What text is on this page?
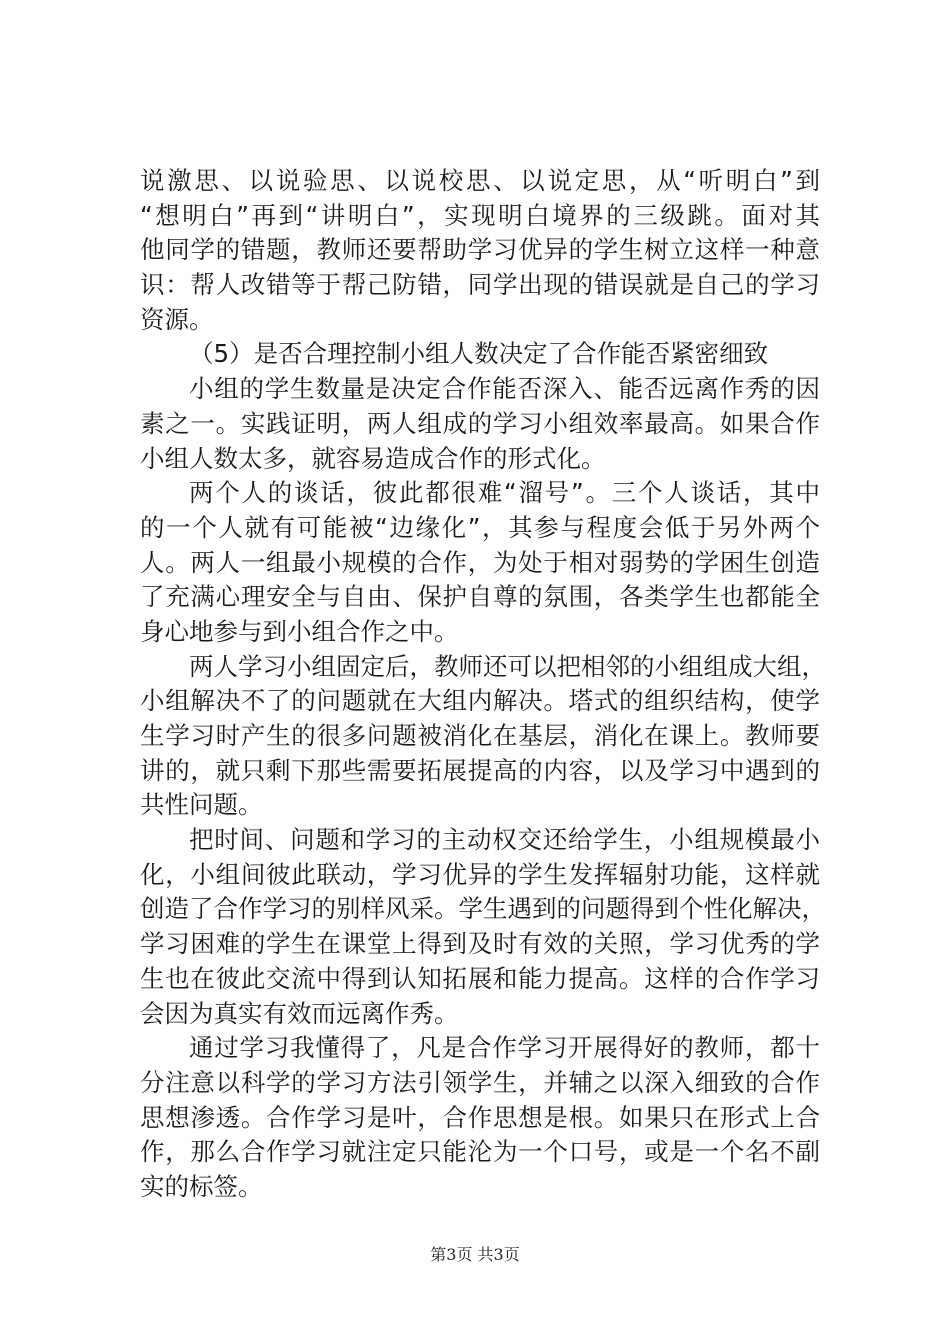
说激思、以说验思、以说校思、以说定思，从“听明白”到
“想明白”再到“讲明白”，实现明白境界的三级跳。面对其
他同学的错题，教师还要帮助学习优异的学生树立这样一种意
识：帮人改错等于帮己防错，同学出现的错误就是自己的学习
资源。
（5）是否合理控制小组人数决定了合作能否紧密细致
小组的学生数量是决定合作能否深入、能否远离作秀的因
素之一。实践证明，两人组成的学习小组效率最高。如果合作
小组人数太多，就容易造成合作的形式化。
两个人的谈话，彼此都很难“溜号”。三个人谈话，其中
的一个人就有可能被“边缘化”，其参与程度会低于另外两个
人。两人一组最小规模的合作，为处于相对弱势的学困生创造
了充满心理安全与自由、保护自尊的氛围，各类学生也都能全
身心地参与到小组合作之中。
两人学习小组固定后，教师还可以把相邻的小组组成大组，
小组解决不了的问题就在大组内解决。塔式的组织结构，使学
生学习时产生的很多问题被消化在基层，消化在课上。教师要
讲的，就只剩下那些需要拓展提高的内容，以及学习中遇到的
共性问题。
把时间、问题和学习的主动权交还给学生，小组规模最小
化，小组间彼此联动，学习优异的学生发挥辐射功能，这样就
创造了合作学习的别样风采。学生遇到的问题得到个性化解决，
学习困难的学生在课堂上得到及时有效的关照，学习优秀的学
生也在彼此交流中得到认知拓展和能力提高。这样的合作学习
会因为真实有效而远离作秀。
通过学习我懂得了，凡是合作学习开展得好的教师，都十
分注意以科学的学习方法引领学生，并辅之以深入细致的合作
思想渗透。合作学习是叶，合作思想是根。如果只在形式上合
作，那么合作学习就注定只能沦为一个口号，或是一个名不副
实的标签。
第3页 共3页
